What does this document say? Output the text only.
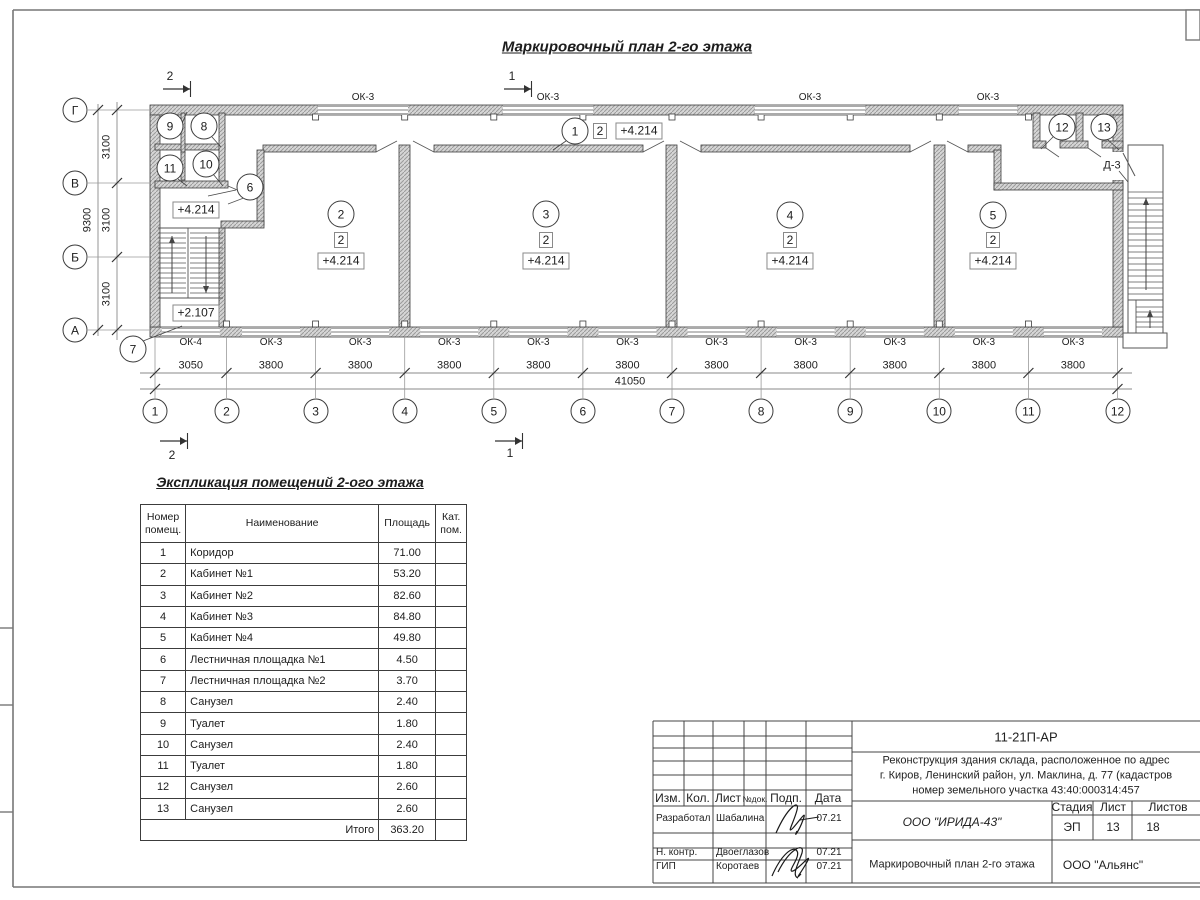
Маркировочный план 2-го этажа
Экспликация помещений 2-ого этажа
Номер помещ.	Наименование	Площадь	Кат. пом.
1	Коридор	71.00	
2	Кабинет №1	53.20	
3	Кабинет №2	82.60	
4	Кабинет №3	84.80	
5	Кабинет №4	49.80	
6	Лестничная площадка №1	4.50	
7	Лестничная площадка №2	3.70	
8	Санузел	2.40	
9	Туалет	1.80	
10	Санузел	2.40	
11	Туалет	1.80	
12	Санузел	2.60	
13	Санузел	2.60	
Итого		363.20	
11-21П-АР
Реконструкция здания склада, расположенное по адрес
г. Киров, Ленинский район, ул. Маклина, д. 77 (кадастров
номер земельного участка 43:40:000314:457
Изм. Кол. Лист №док. Подп. Дата
ООО "ИРИДА-43"
Маркировочный план 2-го этажа
Стадия Лист Листов
ЭП 13 18
ООО "Альянс"
1	2	3	4	5	6	7	8	9	10	11	12
Г
В
Б
А
3050	3800	3800	3800	3800	3800	3800	3800	3800	3800	3800
41050
3100
3100
3100
9300
ОК-3	ОК-3	ОК-3	ОК-3
ОК-4	ОК-3	ОК-3	ОК-3	ОК-3	ОК-3	ОК-3	ОК-3	ОК-3	ОК-3	ОК-3
2	1
2	1
1	2	+4.214
2
2
+4.214
3
2
+4.214
4
2
+4.214
5
2
+4.214
6
7
8
9
10
11
12	13
+4.214
+2.107
Д-3
Разработал Шабалина	07.21
Н. контр. Двоеглазов	07.21
ГИП	Коротаев	07.21
